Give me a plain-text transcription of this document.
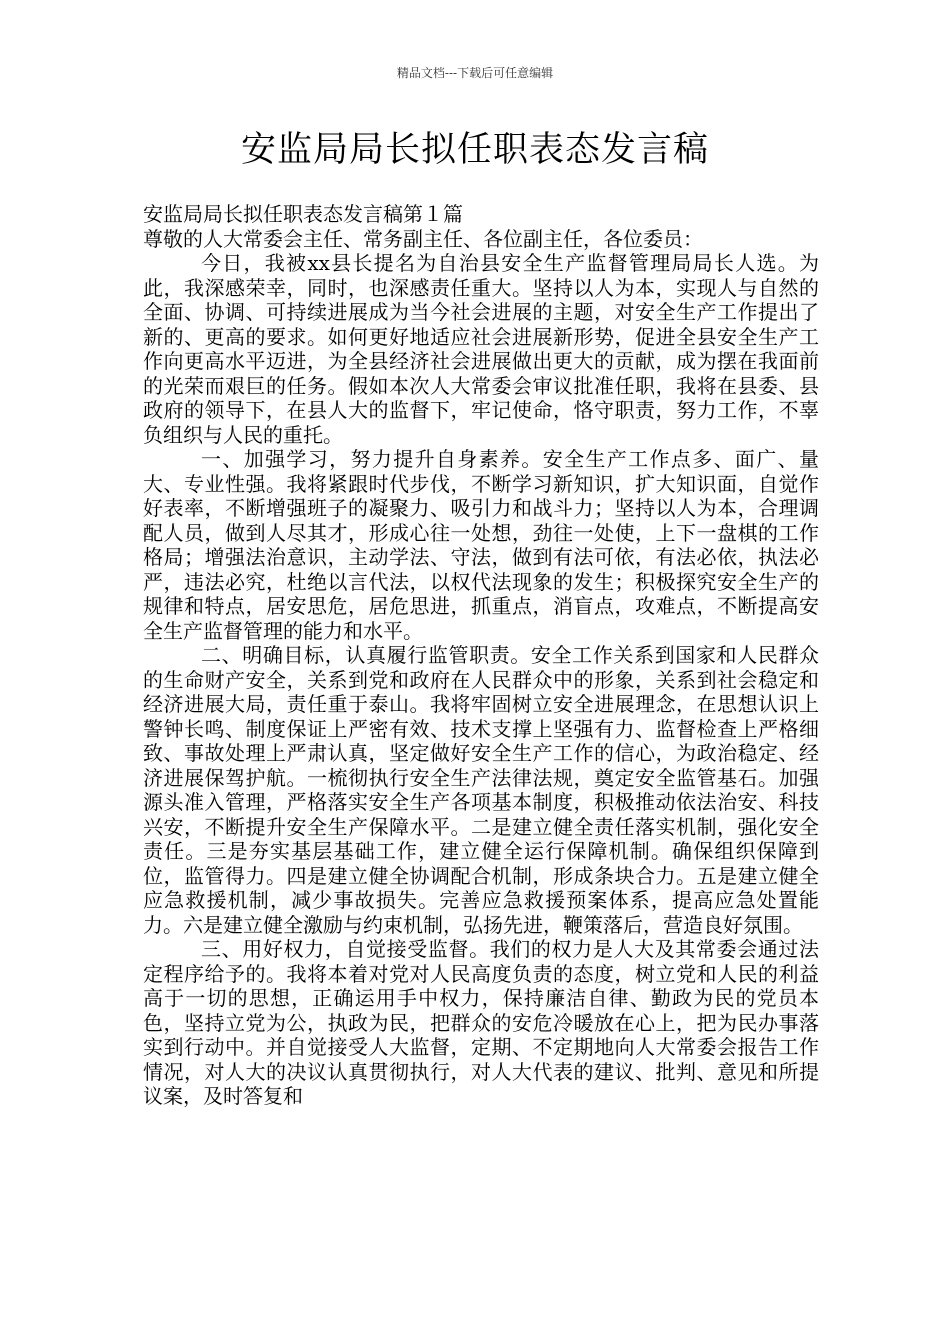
精品文档---下载后可任意编辑
安监局局长拟任职表态发言稿

安监局局长拟任职表态发言稿第１篇

尊敬的人大常委会主任、常务副主任、各位副主任，各位委员：

今日，我被xx县长提名为自治县安全生产监督管理局局长人选。为此，我深感荣幸，同时，也深感责任重大。坚持以人为本，实现人与自然的全面、协调、可持续进展成为当今社会进展的主题，对安全生产工作提出了新的、更高的要求。如何更好地适应社会进展新形势，促进全县安全生产工作向更高水平迈进，为全县经济社会进展做出更大的贡献，成为摆在我面前的光荣而艰巨的任务。假如本次人大常委会审议批准任职，我将在县委、县政府的领导下，在县人大的监督下，牢记使命，恪守职责，努力工作，不辜负组织与人民的重托。

一、加强学习，努力提升自身素养。安全生产工作点多、面广、量大、专业性强。我将紧跟时代步伐，不断学习新知识，扩大知识面，自觉作好表率，不断增强班子的凝聚力、吸引力和战斗力；坚持以人为本，合理调配人员，做到人尽其才，形成心往一处想，劲往一处使，上下一盘棋的工作格局；增强法治意识，主动学法、守法，做到有法可依，有法必依，执法必严，违法必究，杜绝以言代法，以权代法现象的发生；积极探究安全生产的规律和特点，居安思危，居危思进，抓重点，消盲点，攻难点，不断提高安全生产监督管理的能力和水平。

二、明确目标，认真履行监管职责。安全工作关系到国家和人民群众的生命财产安全，关系到党和政府在人民群众中的形象，关系到社会稳定和经济进展大局，责任重于泰山。我将牢固树立安全进展理念，在思想认识上警钟长鸣、制度保证上严密有效、技术支撑上坚强有力、监督检查上严格细致、事故处理上严肃认真，坚定做好安全生产工作的信心，为政治稳定、经济进展保驾护航。一梳彻执行安全生产法律法规，奠定安全监管基石。加强源头准入管理，严格落实安全生产各项基本制度，积极推动依法治安、科技兴安，不断提升安全生产保障水平。二是建立健全责任落实机制，强化安全责任。三是夯实基层基础工作，建立健全运行保障机制。确保组织保障到位，监管得力。四是建立健全协调配合机制，形成条块合力。五是建立健全应急救援机制，减少事故损失。完善应急救援预案体系，提高应急处置能力。六是建立健全激励与约束机制，弘扬先进，鞭策落后，营造良好氛围。

三、用好权力，自觉接受监督。我们的权力是人大及其常委会通过法定程序给予的。我将本着对党对人民高度负责的态度，树立党和人民的利益高于一切的思想，正确运用手中权力，保持廉洁自律、勤政为民的党员本色，坚持立党为公，执政为民，把群众的安危冷暖放在心上，把为民办事落实到行动中。并自觉接受人大监督，定期、不定期地向人大常委会报告工作情况，对人大的决议认真贯彻执行，对人大代表的建议、批判、意见和所提议案，及时答复和
